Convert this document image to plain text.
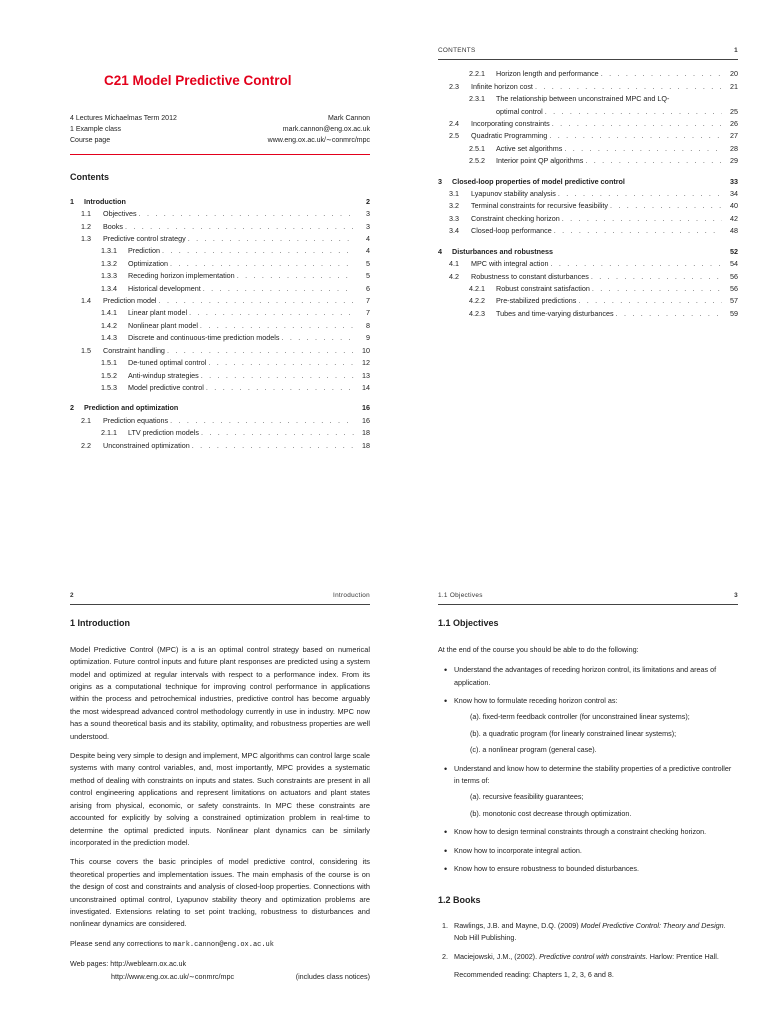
C21 Model Predictive Control
4 Lectures Michaelmas Term 2012	Mark Cannon
1 Example class	mark.cannon@eng.ox.ac.uk
Course page	www.eng.ox.ac.uk/∼conmrc/mpc
Contents
1	Introduction	2
1.1	Objectives . . .	3
1.2	Books . . .	3
1.3	Predictive control strategy . . .	4
1.3.1	Prediction . . .	4
1.3.2	Optimization . . .	5
1.3.3	Receding horizon implementation . . .	5
1.3.4	Historical development . . .	6
1.4	Prediction model . . .	7
1.4.1	Linear plant model . . .	7
1.4.2	Nonlinear plant model . . .	8
1.4.3	Discrete and continuous-time prediction models . . .	9
1.5	Constraint handling . . .	10
1.5.1	De-tuned optimal control . . .	12
1.5.2	Anti-windup strategies . . .	13
1.5.3	Model predictive control . . .	14
2	Prediction and optimization	16
2.1	Prediction equations . . .	16
2.1.1	LTV prediction models . . .	18
2.2	Unconstrained optimization . . .	18
CONTENTS	1
2.2.1	Horizon length and performance . . .	20
2.3	Infinite horizon cost . . .	21
2.3.1	The relationship between unconstrained MPC and LQ-
optimal control . . .	25
2.4	Incorporating constraints . . .	26
2.5	Quadratic Programming . . .	27
2.5.1	Active set algorithms . . .	28
2.5.2	Interior point QP algorithms . . .	29
3	Closed-loop properties of model predictive control	33
3.1	Lyapunov stability analysis . . .	34
3.2	Terminal constraints for recursive feasibility . . .	40
3.3	Constraint checking horizon . . .	42
3.4	Closed-loop performance . . .	48
4	Disturbances and robustness	52
4.1	MPC with integral action . . .	54
4.2	Robustness to constant disturbances . . .	56
4.2.1	Robust constraint satisfaction . . .	56
4.2.2	Pre-stabilized predictions . . .	57
4.2.3	Tubes and time-varying disturbances . . .	59
2	Introduction
1 Introduction

Model Predictive Control (MPC) is a is an optimal control strategy based on numerical optimization. Future control inputs and future plant responses are predicted using a system model and optimized at regular intervals with respect to a performance index. From its origins as a computational technique for improving control performance in applications within the process and petrochemical industries, predictive control has become arguably the most widespread advanced control methodology currently in use in industry. MPC now has a sound theoretical basis and its stability, optimality, and robustness properties are well understood.

Despite being very simple to design and implement, MPC algorithms can control large scale systems with many control variables, and, most importantly, MPC provides a systematic method of dealing with constraints on inputs and states. Such constraints are present in all control engineering applications and represent limitations on actuators and plant states arising from physical, economic, or safety constraints. In MPC these constraints are accounted for explicitly by solving a constrained optimization problem in real-time to determine the optimal predicted inputs. Nonlinear plant dynamics can be similarly incorporated in the prediction model.

This course covers the basic principles of model predictive control, considering its theoretical properties and implementation issues. The main emphasis of the course is on the design of cost and constraints and analysis of closed-loop properties. Connections with unconstrained optimal control, Lyapunov stability theory and optimization problems are investigated. Extensions relating to set point tracking, robustness to disturbances and nonlinear dynamics are considered.

Please send any corrections to mark.cannon@eng.ox.ac.uk

Web pages: http://weblearn.ox.ac.uk
http://www.eng.ox.ac.uk/∼conmrc/mpc	(includes class notices)
1.1 Objectives	3
1.1 Objectives

At the end of the course you should be able to do the following:

• Understand the advantages of receding horizon control, its limitations and areas of application.
• Know how to formulate receding horizon control as:
(a). fixed-term feedback controller (for unconstrained linear systems);
(b). a quadratic program (for linearly constrained linear systems);
(c). a nonlinear program (general case).
• Understand and know how to determine the stability properties of a predictive controller in terms of:
(a). recursive feasibility guarantees;
(b). monotonic cost decrease through optimization.
• Know how to design terminal constraints through a constraint checking horizon.
• Know how to incorporate integral action.
• Know how to ensure robustness to bounded disturbances.
1.2 Books
1. Rawlings, J.B. and Mayne, D.Q. (2009) Model Predictive Control: Theory and Design. Nob Hill Publishing.
2. Maciejowski, J.M., (2002). Predictive control with constraints. Harlow: Prentice Hall.

Recommended reading: Chapters 1, 2, 3, 6 and 8.
